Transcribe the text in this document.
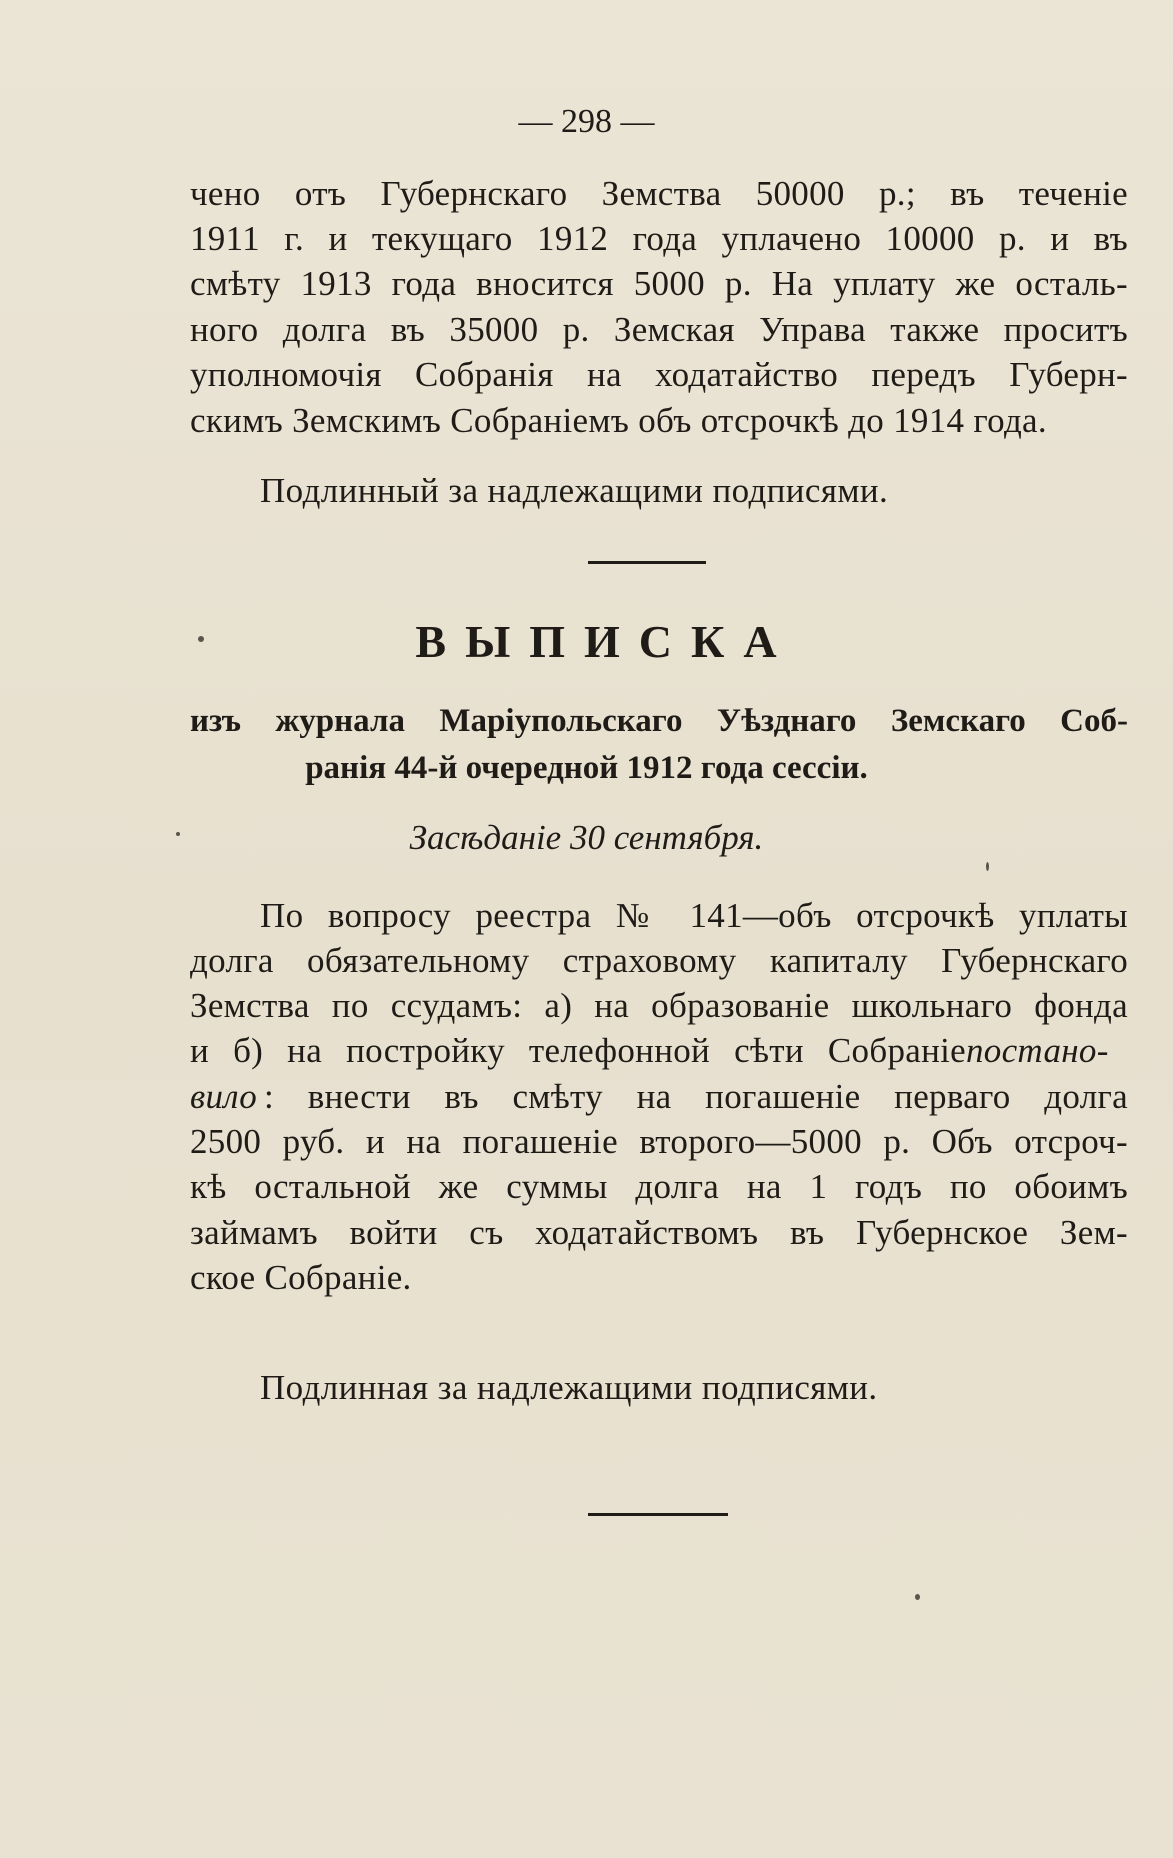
— 298 —
чено отъ Губернскаго Земства 50000 р.; въ теченіе
1911 г. и текущаго 1912 года уплачено 10000 р. и въ
смѣту 1913 года вносится 5000 р. На уплату же осталь-
ного долга въ 35000 р. Земская Управа также проситъ
уполномочія Собранія на ходатайство передъ Губерн-
скимъ Земскимъ Собраніемъ объ отсрочкѣ до 1914 года.
Подлинный за надлежащими подписями.
ВЫПИСКА
изъ журнала Маріупольскаго Уѣзднаго Земскаго Соб-
ранія 44-й очередной 1912 года сессіи.
Засѣданіе 30 сентября.
По вопросу реестра № 141—объ отсрочкѣ уплаты
долга обязательному страховому капиталу Губернскаго
Земства по ссудамъ: а) на образованіе школьнаго фонда
и б) на постройку телефонной сѣти Собраніепостано-
вило : внести въ смѣту на погашеніе перваго долга
2500 руб. и на погашеніе второго—5000 р. Объ отсроч-
кѣ остальной же суммы долга на 1 годъ по обоимъ
займамъ войти съ ходатайствомъ въ Губернское Зем-
ское Собраніе.
Подлинная за надлежащими подписями.
